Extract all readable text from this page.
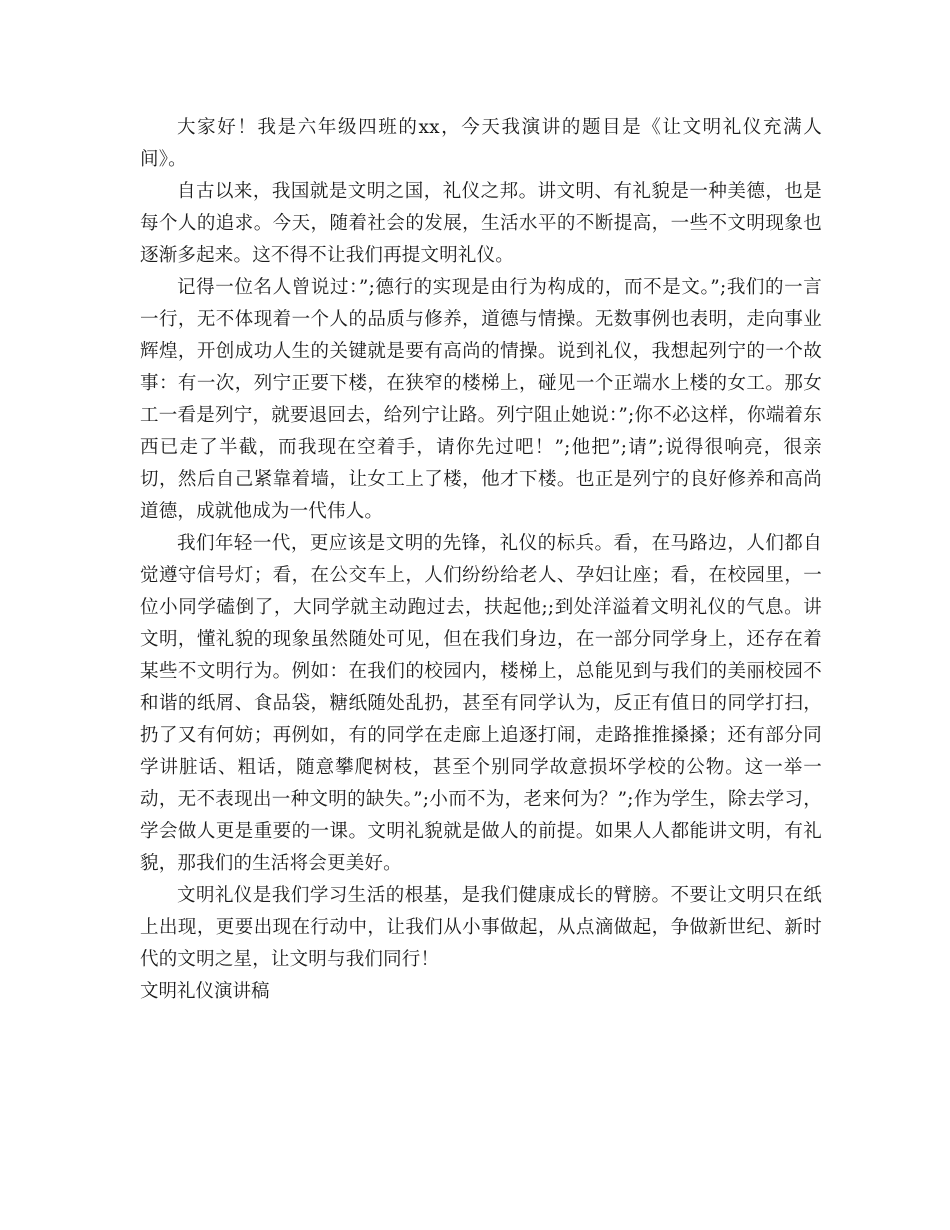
大家好！我是六年级四班的xx，今天我演讲的题目是《让文明礼仪充满人间》。

自古以来，我国就是文明之国，礼仪之邦。讲文明、有礼貌是一种美德，也是每个人的追求。今天，随着社会的发展，生活水平的不断提高，一些不文明现象也逐渐多起来。这不得不让我们再提文明礼仪。

记得一位名人曾说过：”;德行的实现是由行为构成的，而不是文。”;我们的一言一行，无不体现着一个人的品质与修养，道德与情操。无数事例也表明，走向事业辉煌，开创成功人生的关键就是要有高尚的情操。说到礼仪，我想起列宁的一个故事：有一次，列宁正要下楼，在狭窄的楼梯上，碰见一个正端水上楼的女工。那女工一看是列宁，就要退回去，给列宁让路。列宁阻止她说：”;你不必这样，你端着东西已走了半截，而我现在空着手，请你先过吧！”;他把”;请”;说得很响亮，很亲切，然后自己紧靠着墙，让女工上了楼，他才下楼。也正是列宁的良好修养和高尚道德，成就他成为一代伟人。

我们年轻一代，更应该是文明的先锋，礼仪的标兵。看，在马路边，人们都自觉遵守信号灯；看，在公交车上，人们纷纷给老人、孕妇让座；看，在校园里，一位小同学磕倒了，大同学就主动跑过去，扶起他;;到处洋溢着文明礼仪的气息。讲文明，懂礼貌的现象虽然随处可见，但在我们身边，在一部分同学身上，还存在着某些不文明行为。例如：在我们的校园内，楼梯上，总能见到与我们的美丽校园不和谐的纸屑、食品袋，糖纸随处乱扔，甚至有同学认为，反正有值日的同学打扫，扔了又有何妨；再例如，有的同学在走廊上追逐打闹，走路推推搡搡；还有部分同学讲脏话、粗话，随意攀爬树枝，甚至个别同学故意损坏学校的公物。这一举一动，无不表现出一种文明的缺失。”;小而不为，老来何为？”;作为学生，除去学习，学会做人更是重要的一课。文明礼貌就是做人的前提。如果人人都能讲文明，有礼貌，那我们的生活将会更美好。

文明礼仪是我们学习生活的根基，是我们健康成长的臂膀。不要让文明只在纸上出现，更要出现在行动中，让我们从小事做起，从点滴做起，争做新世纪、新时代的文明之星，让文明与我们同行！

文明礼仪演讲稿
